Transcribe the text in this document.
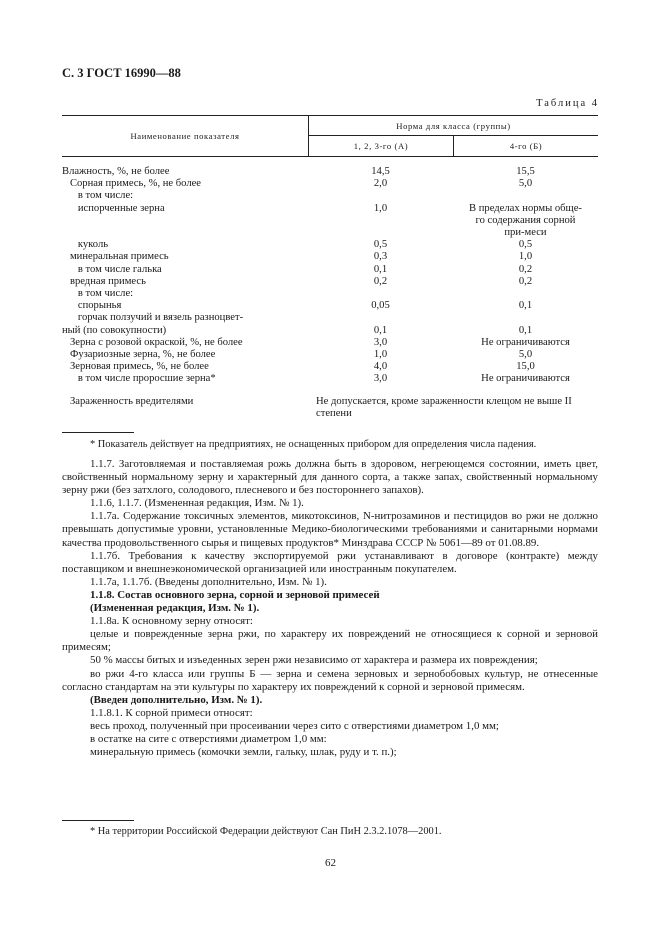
С. 3 ГОСТ 16990—88
Таблица 4
Наименование показателя
Норма для класса (группы)
1, 2, 3-го (А)	4-го (Б)
Влажность, %, не более	14,5	15,5
Сорная примесь, %, не более	2,0	5,0
в том числе:
испорченные зерна	1,0	В пределах нормы обще-го содержания сорной при-меси
куколь	0,5	0,5
минеральная примесь	0,3	1,0
в том числе галька	0,1	0,2
вредная примесь	0,2	0,2
в том числе:
спорынья	0,05	0,1
горчак ползучий и вязель разноцвет-
ный (по совокупности)	0,1	0,1
Зерна с розовой окраской, %, не более	3,0	Не ограничиваются
Фузариозные зерна, %, не более	1,0	5,0
Зерновая примесь, %, не более	4,0	15,0
в том числе проросшие зерна*	3,0	Не ограничиваются
Зараженность вредителями	Не допускается, кроме зараженности клещом не выше II степени
* Показатель действует на предприятиях, не оснащенных прибором для определения числа падения.

1.1.7. Заготовляемая и поставляемая рожь должна быть в здоровом, негреющемся состоянии, иметь цвет, свойственный нормальному зерну и характерный для данного сорта, а также запах, свойственный нормальному зерну ржи (без затхлого, солодового, плесневого и без постороннего запахов).

1.1.6, 1.1.7. (Измененная редакция, Изм. № 1).

1.1.7а. Содержание токсичных элементов, микотоксинов, N-нитрозаминов и пестицидов во ржи не должно превышать допустимые уровни, установленные Медико-биологическими требованиями и санитарными нормами качества продовольственного сырья и пищевых продуктов* Минздрава СССР № 5061—89 от 01.08.89.

1.1.7б. Требования к качеству экспортируемой ржи устанавливают в договоре (контракте) между поставщиком и внешнеэкономической организацией или иностранным покупателем.

1.1.7а, 1.1.7б. (Введены дополнительно, Изм. № 1).

1.1.8. Состав основного зерна, сорной и зерновой примесей

(Измененная редакция, Изм. № 1).

1.1.8а. К основному зерну относят:

целые и поврежденные зерна ржи, по характеру их повреждений не относящиеся к сорной и зерновой примесям;

50 % массы битых и изъеденных зерен ржи независимо от характера и размера их повреждения;

во ржи 4-го класса или группы Б — зерна и семена зерновых и зернобобовых культур, не отнесенные согласно стандартам на эти культуры по характеру их повреждений к сорной и зерновой примесям.

(Введен дополнительно, Изм. № 1).

1.1.8.1. К сорной примеси относят:

весь проход, полученный при просеивании через сито с отверстиями диаметром 1,0 мм;

в остатке на сите с отверстиями диаметром 1,0 мм:

минеральную примесь (комочки земли, гальку, шлак, руду и т. п.);

* На территории Российской Федерации действуют Сан ПиН 2.3.2.1078—2001.
62
